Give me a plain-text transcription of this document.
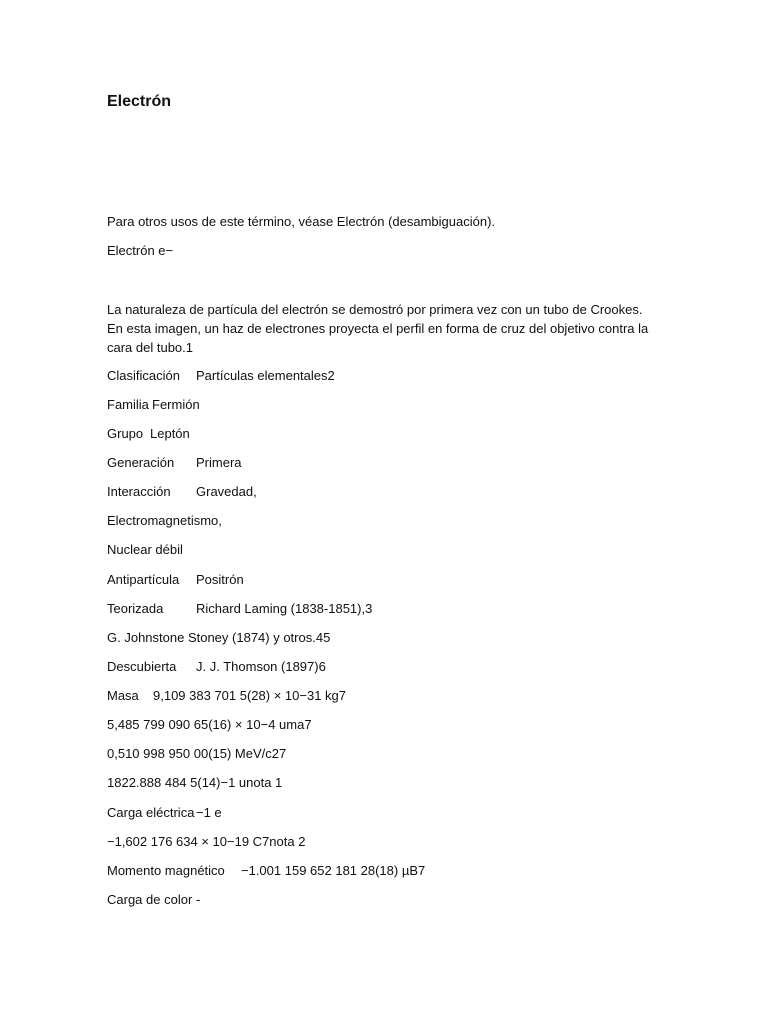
Electrón
Para otros usos de este término, véase Electrón (desambiguación).
Electrón e−
La naturaleza de partícula del electrón se demostró por primera vez con un tubo de Crookes. En esta imagen, un haz de electrones proyecta el perfil en forma de cruz del objetivo contra la cara del tubo.1
Clasificación Partículas elementales2
Familia Fermión
Grupo Leptón
Generación Primera
Interacción Gravedad,
Electromagnetismo,
Nuclear débil
Antipartícula Positrón
Teorizada	Richard Laming (1838-1851),3
G. Johnstone Stoney (1874) y otros.45
Descubierta J. J. Thomson (1897)6
Masa 9,109 383 701 5(28) × 10−31 kg7
5,485 799 090 65(16) × 10−4 uma7
0,510 998 950 00(15) MeV/c27
1822.888 484 5(14)−1 unota 1
Carga eléctrica −1 e
−1,602 176 634 × 10−19 C7nota 2
Momento magnético −1.001 159 652 181 28(18) µB7
Carga de color -
